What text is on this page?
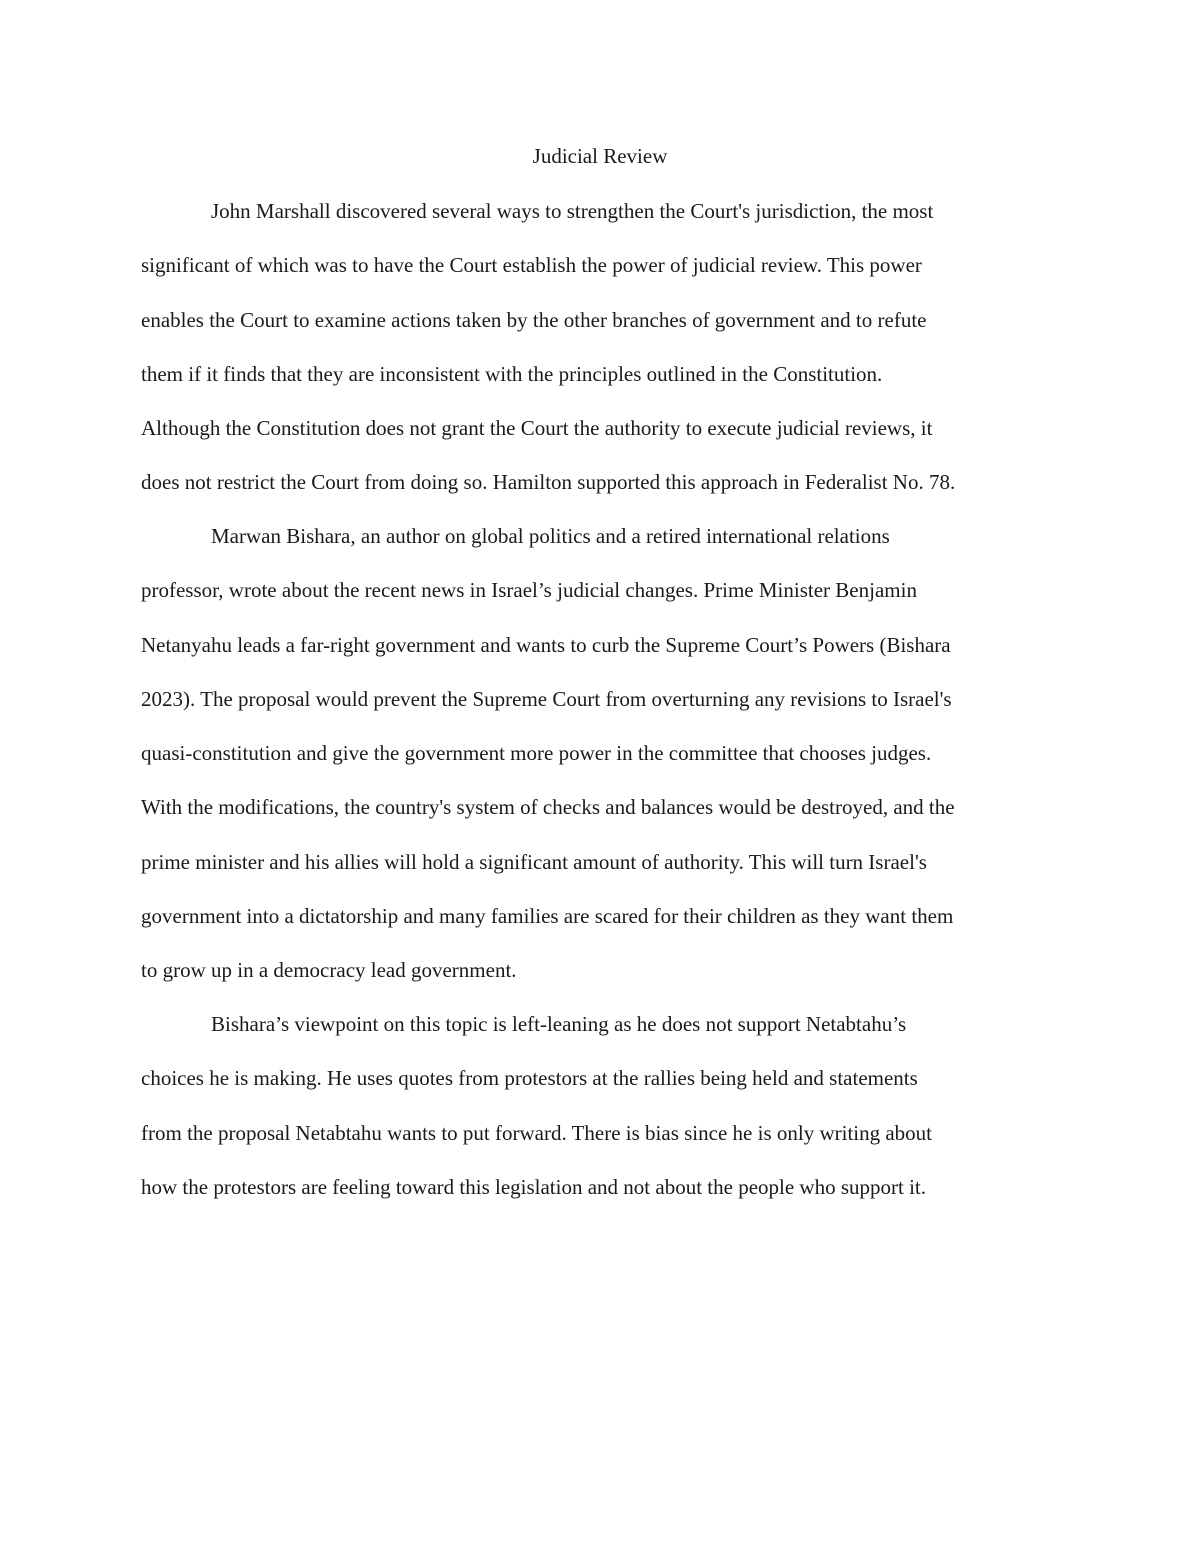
Judicial Review
John Marshall discovered several ways to strengthen the Court's jurisdiction, the most
significant of which was to have the Court establish the power of judicial review. This power
enables the Court to examine actions taken by the other branches of government and to refute
them if it finds that they are inconsistent with the principles outlined in the Constitution.
Although the Constitution does not grant the Court the authority to execute judicial reviews, it
does not restrict the Court from doing so. Hamilton supported this approach in Federalist No. 78.
Marwan Bishara, an author on global politics and a retired international relations
professor, wrote about the recent news in Israel’s judicial changes. Prime Minister Benjamin
Netanyahu leads a far-right government and wants to curb the Supreme Court’s Powers (Bishara
2023). The proposal would prevent the Supreme Court from overturning any revisions to Israel's
quasi-constitution and give the government more power in the committee that chooses judges.
With the modifications, the country's system of checks and balances would be destroyed, and the
prime minister and his allies will hold a significant amount of authority. This will turn Israel's
government into a dictatorship and many families are scared for their children as they want them
to grow up in a democracy lead government.
Bishara’s viewpoint on this topic is left-leaning as he does not support Netabtahu’s
choices he is making. He uses quotes from protestors at the rallies being held and statements
from the proposal Netabtahu wants to put forward. There is bias since he is only writing about
how the protestors are feeling toward this legislation and not about the people who support it.
